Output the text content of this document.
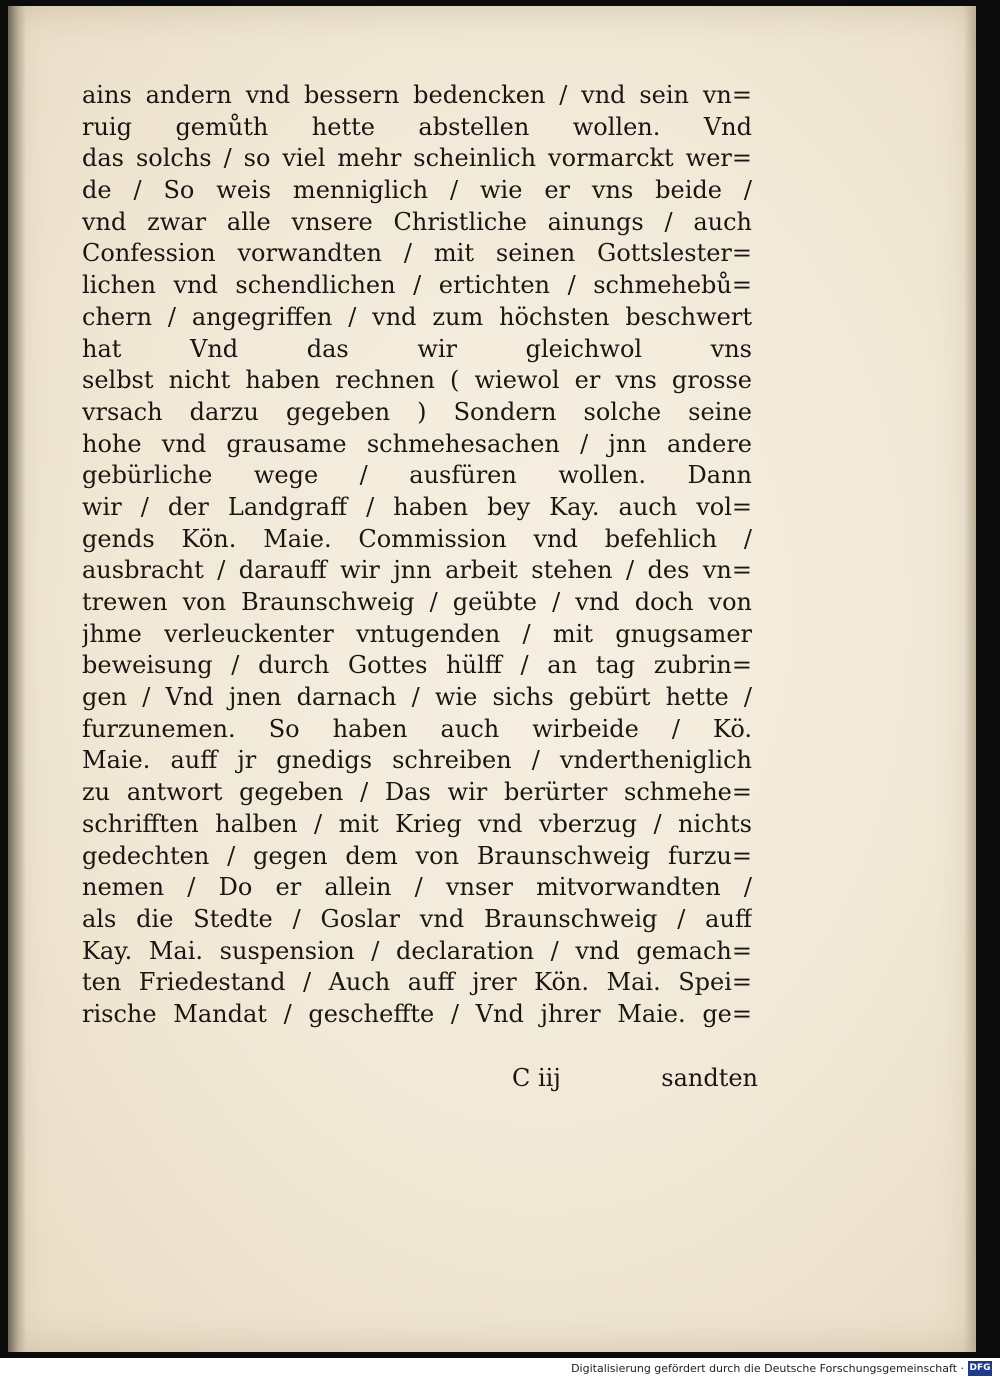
ains andern vnd bessern bedencken / vnd sein vn=
ruig gemůth hette abstellen wollen. Vnd
das solchs / so viel mehr scheinlich vormarckt wer=
de / So weis menniglich / wie er vns beide /
vnd zwar alle vnsere Christliche ainungs / auch
Confession vorwandten / mit seinen Gottslester=
lichen vnd schendlichen / ertichten / schmehebů=
chern / angegriffen / vnd zum höchsten beschwert
hat Vnd das wir gleichwol vns
selbst nicht haben rechnen ( wiewol er vns grosse
vrsach darzu gegeben ) Sondern solche seine
hohe vnd grausame schmehesachen / jnn andere
gebürliche wege / ausfüren wollen. Dann
wir / der Landgraff / haben bey Kay. auch vol=
gends Kön. Maie. Commission vnd befehlich /
ausbracht / darauff wir jnn arbeit stehen / des vn=
trewen von Braunschweig / geübte / vnd doch von
jhme verleuckenter vntugenden / mit gnugsamer
beweisung / durch Gottes hülff / an tag zubrin=
gen / Vnd jnen darnach / wie sichs gebürt hette /
furzunemen. So haben auch wirbeide / Kö.
Maie. auff jr gnedigs schreiben / vndertheniglich
zu antwort gegeben / Das wir berürter schmehe=
schrifften halben / mit Krieg vnd vberzug / nichts
gedechten / gegen dem von Braunschweig furzu=
nemen / Do er allein / vnser mitvorwandten /
als die Stedte / Goslar vnd Braunschweig / auff
Kay. Mai. suspension / declaration / vnd gemach=
ten Friedestand / Auch auff jrer Kön. Mai. Spei=
rische Mandat / gescheffte / Vnd jhrer Maie. ge=
C iij	sandten
Digitalisierung gefördert durch die Deutsche Forschungsgemeinschaft · DFG
